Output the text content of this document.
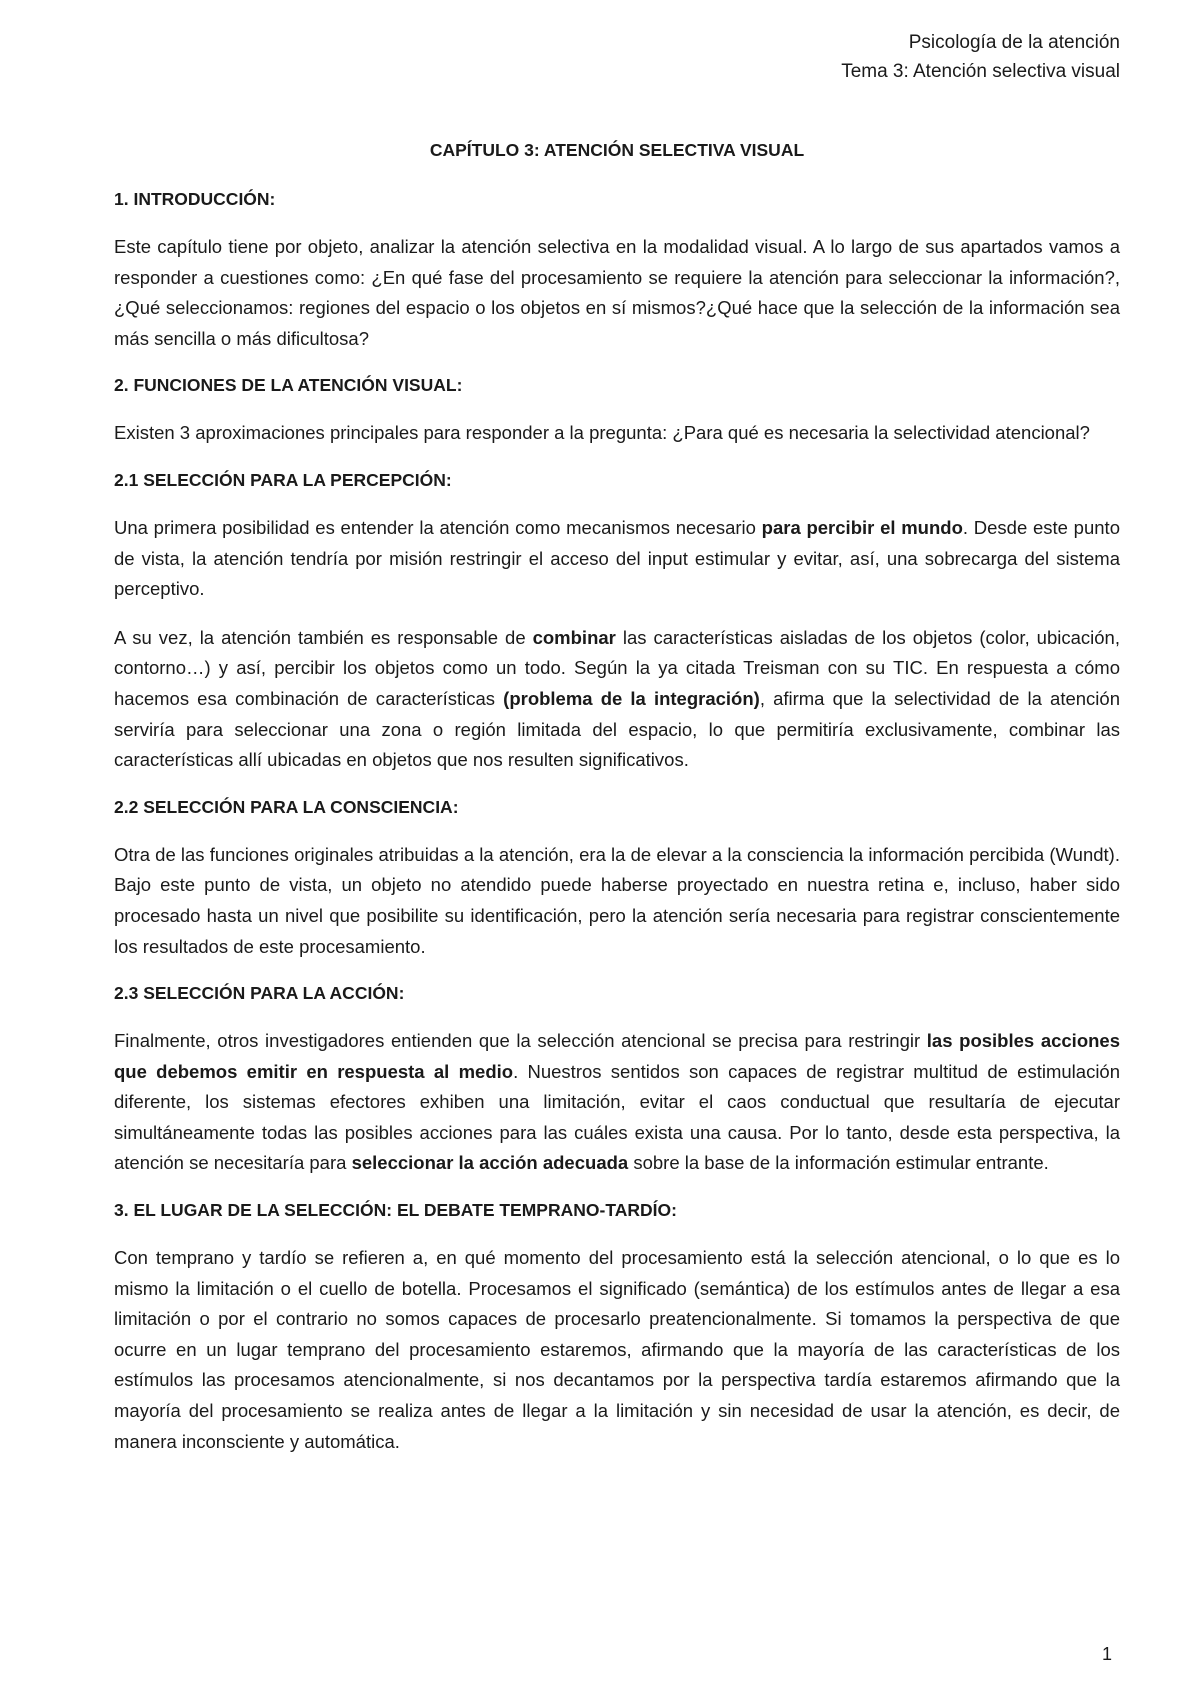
Psicología de la atención
Tema 3: Atención selectiva visual
CAPÍTULO 3: ATENCIÓN SELECTIVA VISUAL
1. INTRODUCCIÓN:

Este capítulo tiene por objeto, analizar la atención selectiva en la modalidad visual. A lo largo de sus apartados vamos a responder a cuestiones como: ¿En qué fase del procesamiento se requiere la atención para seleccionar la información?, ¿Qué seleccionamos: regiones del espacio o los objetos en sí mismos?¿Qué hace que la selección de la información sea más sencilla o más dificultosa?

2. FUNCIONES DE LA ATENCIÓN VISUAL:

Existen 3 aproximaciones principales para responder a la pregunta: ¿Para qué es necesaria la selectividad atencional?

2.1 SELECCIÓN PARA LA PERCEPCIÓN:

Una primera posibilidad es entender la atención como mecanismos necesario para percibir el mundo. Desde este punto de vista, la atención tendría por misión restringir el acceso del input estimular y evitar, así, una sobrecarga del sistema perceptivo.

A su vez, la atención también es responsable de combinar las características aisladas de los objetos (color, ubicación, contorno…) y así, percibir los objetos como un todo. Según la ya citada Treisman con su TIC. En respuesta a cómo hacemos esa combinación de características (problema de la integración), afirma que la selectividad de la atención serviría para seleccionar una zona o región limitada del espacio, lo que permitiría exclusivamente, combinar las características allí ubicadas en objetos que nos resulten significativos.

2.2 SELECCIÓN PARA LA CONSCIENCIA:

Otra de las funciones originales atribuidas a la atención, era la de elevar a la consciencia la información percibida (Wundt). Bajo este punto de vista, un objeto no atendido puede haberse proyectado en nuestra retina e, incluso, haber sido procesado hasta un nivel que posibilite su identificación, pero la atención sería necesaria para registrar conscientemente los resultados de este procesamiento.

2.3 SELECCIÓN PARA LA ACCIÓN:

Finalmente, otros investigadores entienden que la selección atencional se precisa para restringir las posibles acciones que debemos emitir en respuesta al medio. Nuestros sentidos son capaces de registrar multitud de estimulación diferente, los sistemas efectores exhiben una limitación, evitar el caos conductual que resultaría de ejecutar simultáneamente todas las posibles acciones para las cuáles exista una causa. Por lo tanto, desde esta perspectiva, la atención se necesitaría para seleccionar la acción adecuada sobre la base de la información estimular entrante.

3. EL LUGAR DE LA SELECCIÓN: EL DEBATE TEMPRANO-TARDÍO:

Con temprano y tardío se refieren a, en qué momento del procesamiento está la selección atencional, o lo que es lo mismo la limitación o el cuello de botella. Procesamos el significado (semántica) de los estímulos antes de llegar a esa limitación o por el contrario no somos capaces de procesarlo preatencionalmente. Si tomamos la perspectiva de que ocurre en un lugar temprano del procesamiento estaremos, afirmando que la mayoría de las características de los estímulos las procesamos atencionalmente, si nos decantamos por la perspectiva tardía estaremos afirmando que la mayoría del procesamiento se realiza antes de llegar a la limitación y sin necesidad de usar la atención, es decir, de manera inconsciente y automática.

1
